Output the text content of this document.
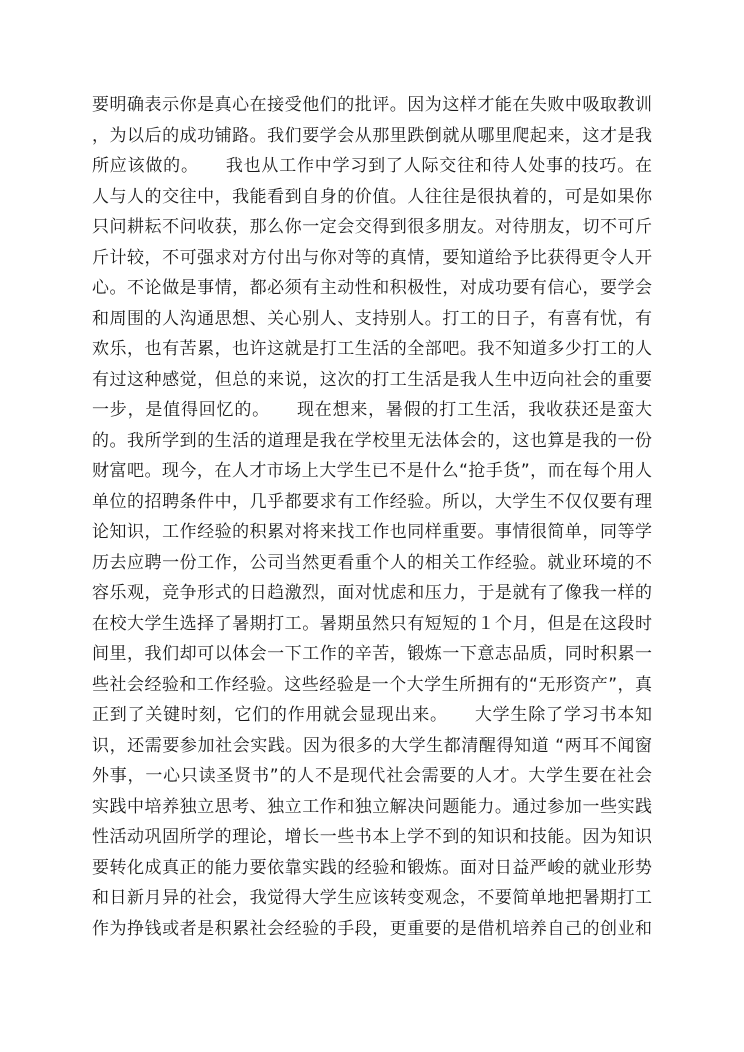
要明确表示你是真心在接受他们的批评。因为这样才能在失败中吸取教训
，为以后的成功铺路。我们要学会从那里跌倒就从哪里爬起来，这才是我
所应该做的。　　我也从工作中学习到了人际交往和待人处事的技巧。在
人与人的交往中，我能看到自身的价值。人往往是很执着的，可是如果你
只问耕耘不问收获，那么你一定会交得到很多朋友。对待朋友，切不可斤
斤计较，不可强求对方付出与你对等的真情，要知道给予比获得更令人开
心。不论做是事情，都必须有主动性和积极性，对成功要有信心，要学会
和周围的人沟通思想、关心别人、支持别人。打工的日子，有喜有忧，有
欢乐，也有苦累，也许这就是打工生活的全部吧。我不知道多少打工的人
有过这种感觉，但总的来说，这次的打工生活是我人生中迈向社会的重要
一步，是值得回忆的。　　现在想来，暑假的打工生活，我收获还是蛮大
的。我所学到的生活的道理是我在学校里无法体会的，这也算是我的一份
财富吧。现今，在人才市场上大学生已不是什么“抢手货”，而在每个用人
单位的招聘条件中，几乎都要求有工作经验。所以，大学生不仅仅要有理
论知识，工作经验的积累对将来找工作也同样重要。事情很简单，同等学
历去应聘一份工作，公司当然更看重个人的相关工作经验。就业环境的不
容乐观，竞争形式的日趋激烈，面对忧虑和压力，于是就有了像我一样的
在校大学生选择了暑期打工。暑期虽然只有短短的１个月，但是在这段时
间里，我们却可以体会一下工作的辛苦，锻炼一下意志品质，同时积累一
些社会经验和工作经验。这些经验是一个大学生所拥有的“无形资产”，真
正到了关键时刻，它们的作用就会显现出来。　　大学生除了学习书本知
识，还需要参加社会实践。因为很多的大学生都清醒得知道 “两耳不闻窗
外事，一心只读圣贤书”的人不是现代社会需要的人才。大学生要在社会
实践中培养独立思考、独立工作和独立解决问题能力。通过参加一些实践
性活动巩固所学的理论，增长一些书本上学不到的知识和技能。因为知识
要转化成真正的能力要依靠实践的经验和锻炼。面对日益严峻的就业形势
和日新月异的社会，我觉得大学生应该转变观念，不要简单地把暑期打工
作为挣钱或者是积累社会经验的手段，更重要的是借机培养自己的创业和
